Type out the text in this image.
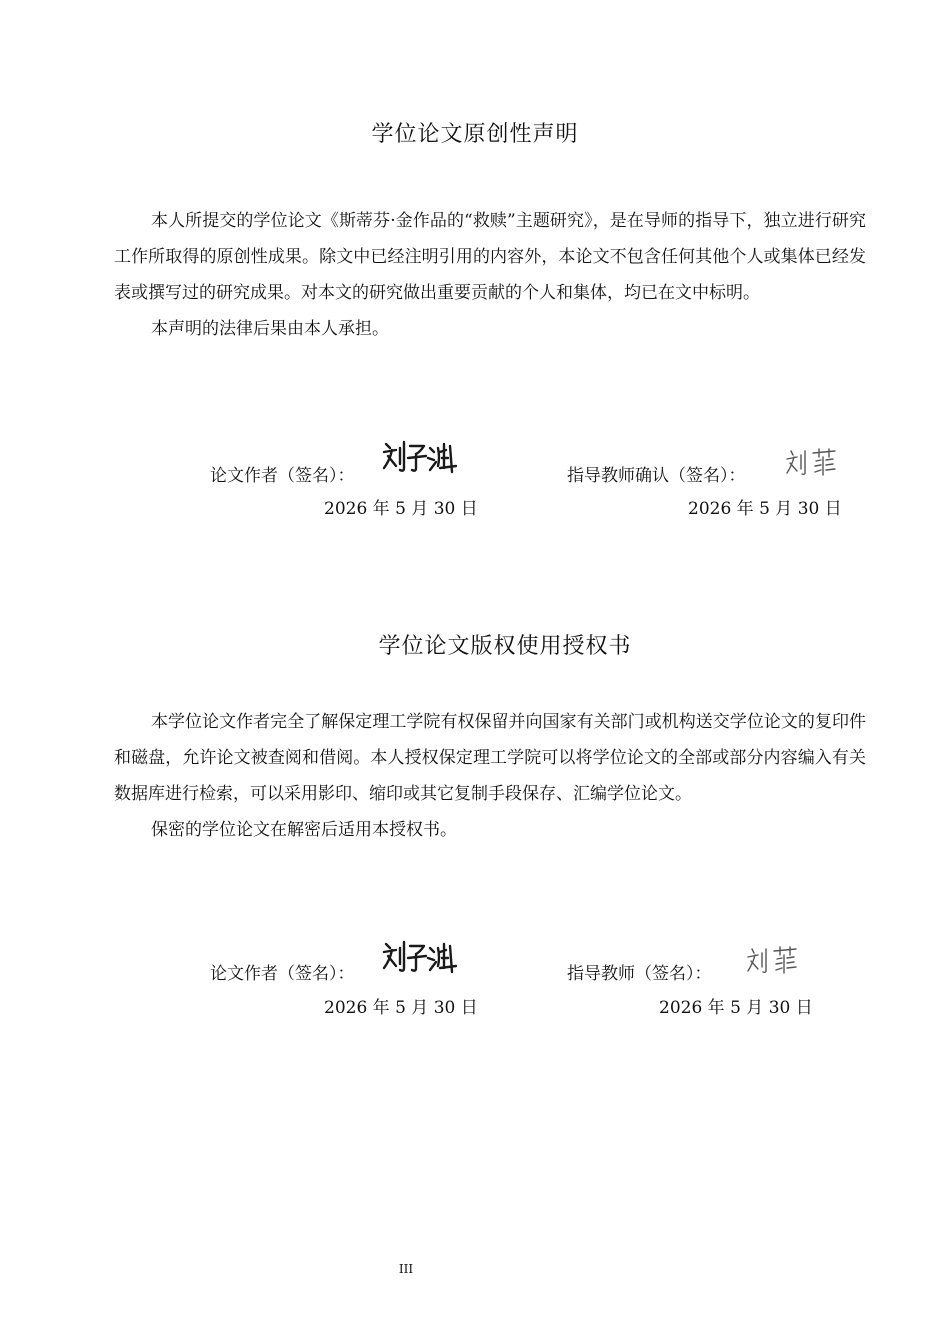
学位论文原创性声明

本人所提交的学位论文《斯蒂芬·金作品的“救赎”主题研究》，是在导师的指导下，独立进行研究工作所取得的原创性成果。除文中已经注明引用的内容外，本论文不包含任何其他个人或集体已经发表或撰写过的研究成果。对本文的研究做出重要贡献的个人和集体，均已在文中标明。

本声明的法律后果由本人承担。

论文作者（签名）：
2026 年 5 月 30 日
指导教师确认（签名）：
2026 年 5 月 30 日
学位论文版权使用授权书

本学位论文作者完全了解保定理工学院有权保留并向国家有关部门或机构送交学位论文的复印件和磁盘，允许论文被查阅和借阅。本人授权保定理工学院可以将学位论文的全部或部分内容编入有关数据库进行检索，可以采用影印、缩印或其它复制手段保存、汇编学位论文。

保密的学位论文在解密后适用本授权书。

论文作者（签名）：
2026 年 5 月 30 日
指导教师（签名）：
2026 年 5 月 30 日
III
